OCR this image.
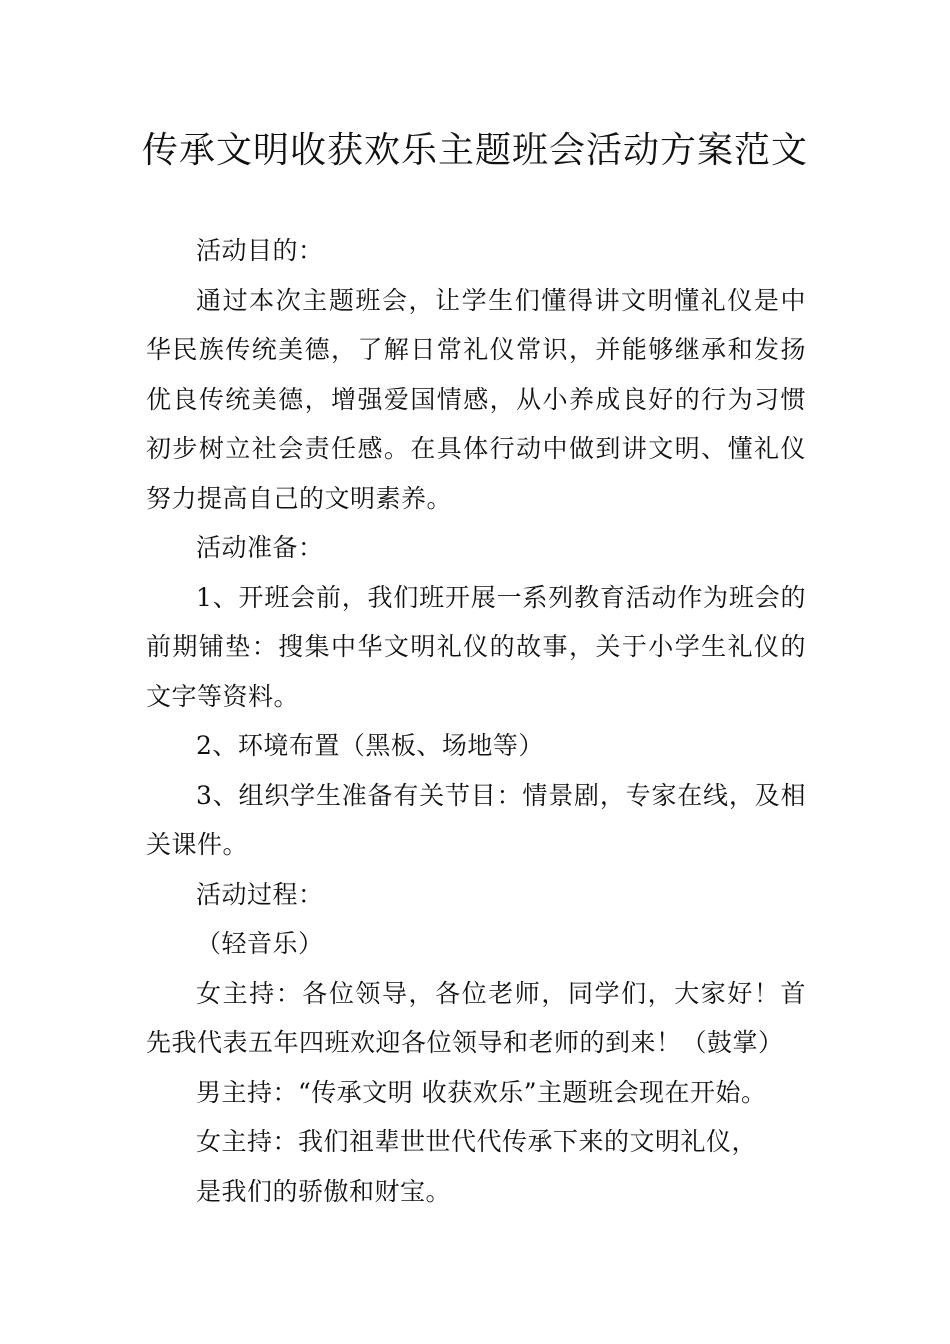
传承文明收获欢乐主题班会活动方案范文

活动目的：

通过本次主题班会，让学生们懂得讲文明懂礼仪是中华民族传统美德，了解日常礼仪常识，并能够继承和发扬优良传统美德，增强爱国情感，从小养成良好的行为习惯初步树立社会责任感。在具体行动中做到讲文明、懂礼仪努力提高自己的文明素养。

活动准备：

1、开班会前，我们班开展一系列教育活动作为班会的前期铺垫：搜集中华文明礼仪的故事，关于小学生礼仪的文字等资料。

2、环境布置（黑板、场地等）

3、组织学生准备有关节目：情景剧，专家在线，及相关课件。

活动过程：

（轻音乐）

女主持：各位领导，各位老师，同学们，大家好！首先我代表五年四班欢迎各位领导和老师的到来！（鼓掌）

男主持：“传承文明 收获欢乐”主题班会现在开始。

女主持：我们祖辈世世代代传承下来的文明礼仪，

是我们的骄傲和财宝。
